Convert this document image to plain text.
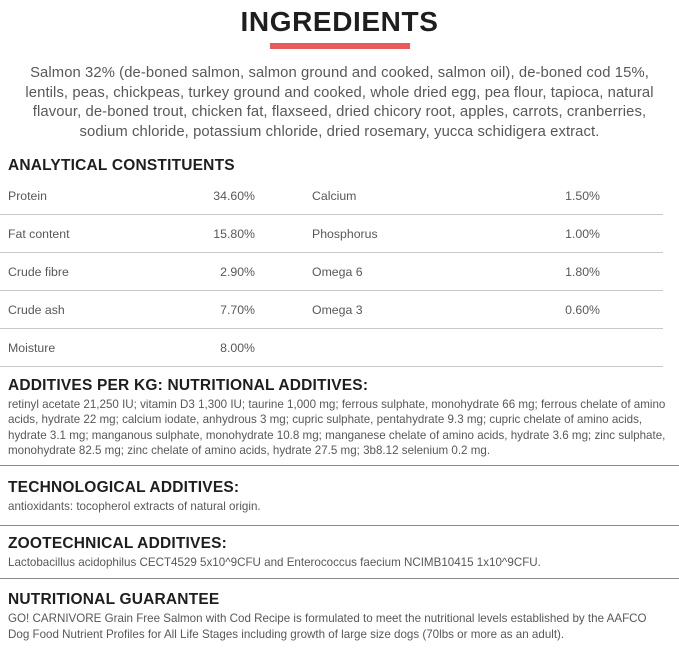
INGREDIENTS

Salmon 32% (de-boned salmon, salmon ground and cooked, salmon oil), de-boned cod 15%, lentils, peas, chickpeas, turkey ground and cooked, whole dried egg, pea flour, tapioca, natural flavour, de-boned trout, chicken fat, flaxseed, dried chicory root, apples, carrots, cranberries, sodium chloride, potassium chloride, dried rosemary, yucca schidigera extract.

ANALYTICAL CONSTITUENTS
Protein	34.60%	Calcium	1.50%
Fat content	15.80%	Phosphorus	1.00%
Crude fibre	2.90%	Omega 6	1.80%
Crude ash	7.70%	Omega 3	0.60%
Moisture	8.00%
ADDITIVES PER KG: NUTRITIONAL ADDITIVES:

retinyl acetate 21,250 IU; vitamin D3 1,300 IU; taurine 1,000 mg; ferrous sulphate, monohydrate 66 mg; ferrous chelate of amino acids, hydrate 22 mg; calcium iodate, anhydrous 3 mg; cupric sulphate, pentahydrate 9.3 mg; cupric chelate of amino acids, hydrate 3.1 mg; manganous sulphate, monohydrate 10.8 mg; manganese chelate of amino acids, hydrate 3.6 mg; zinc sulphate, monohydrate 82.5 mg; zinc chelate of amino acids, hydrate 27.5 mg; 3b8.12 selenium 0.2 mg.

TECHNOLOGICAL ADDITIVES:

antioxidants: tocopherol extracts of natural origin.

ZOOTECHNICAL ADDITIVES:

Lactobacillus acidophilus CECT4529 5x10^9CFU and Enterococcus faecium NCIMB10415 1x10^9CFU.

NUTRITIONAL GUARANTEE

GO! CARNIVORE Grain Free Salmon with Cod Recipe is formulated to meet the nutritional levels established by the AAFCO Dog Food Nutrient Profiles for All Life Stages including growth of large size dogs (70lbs or more as an adult).
